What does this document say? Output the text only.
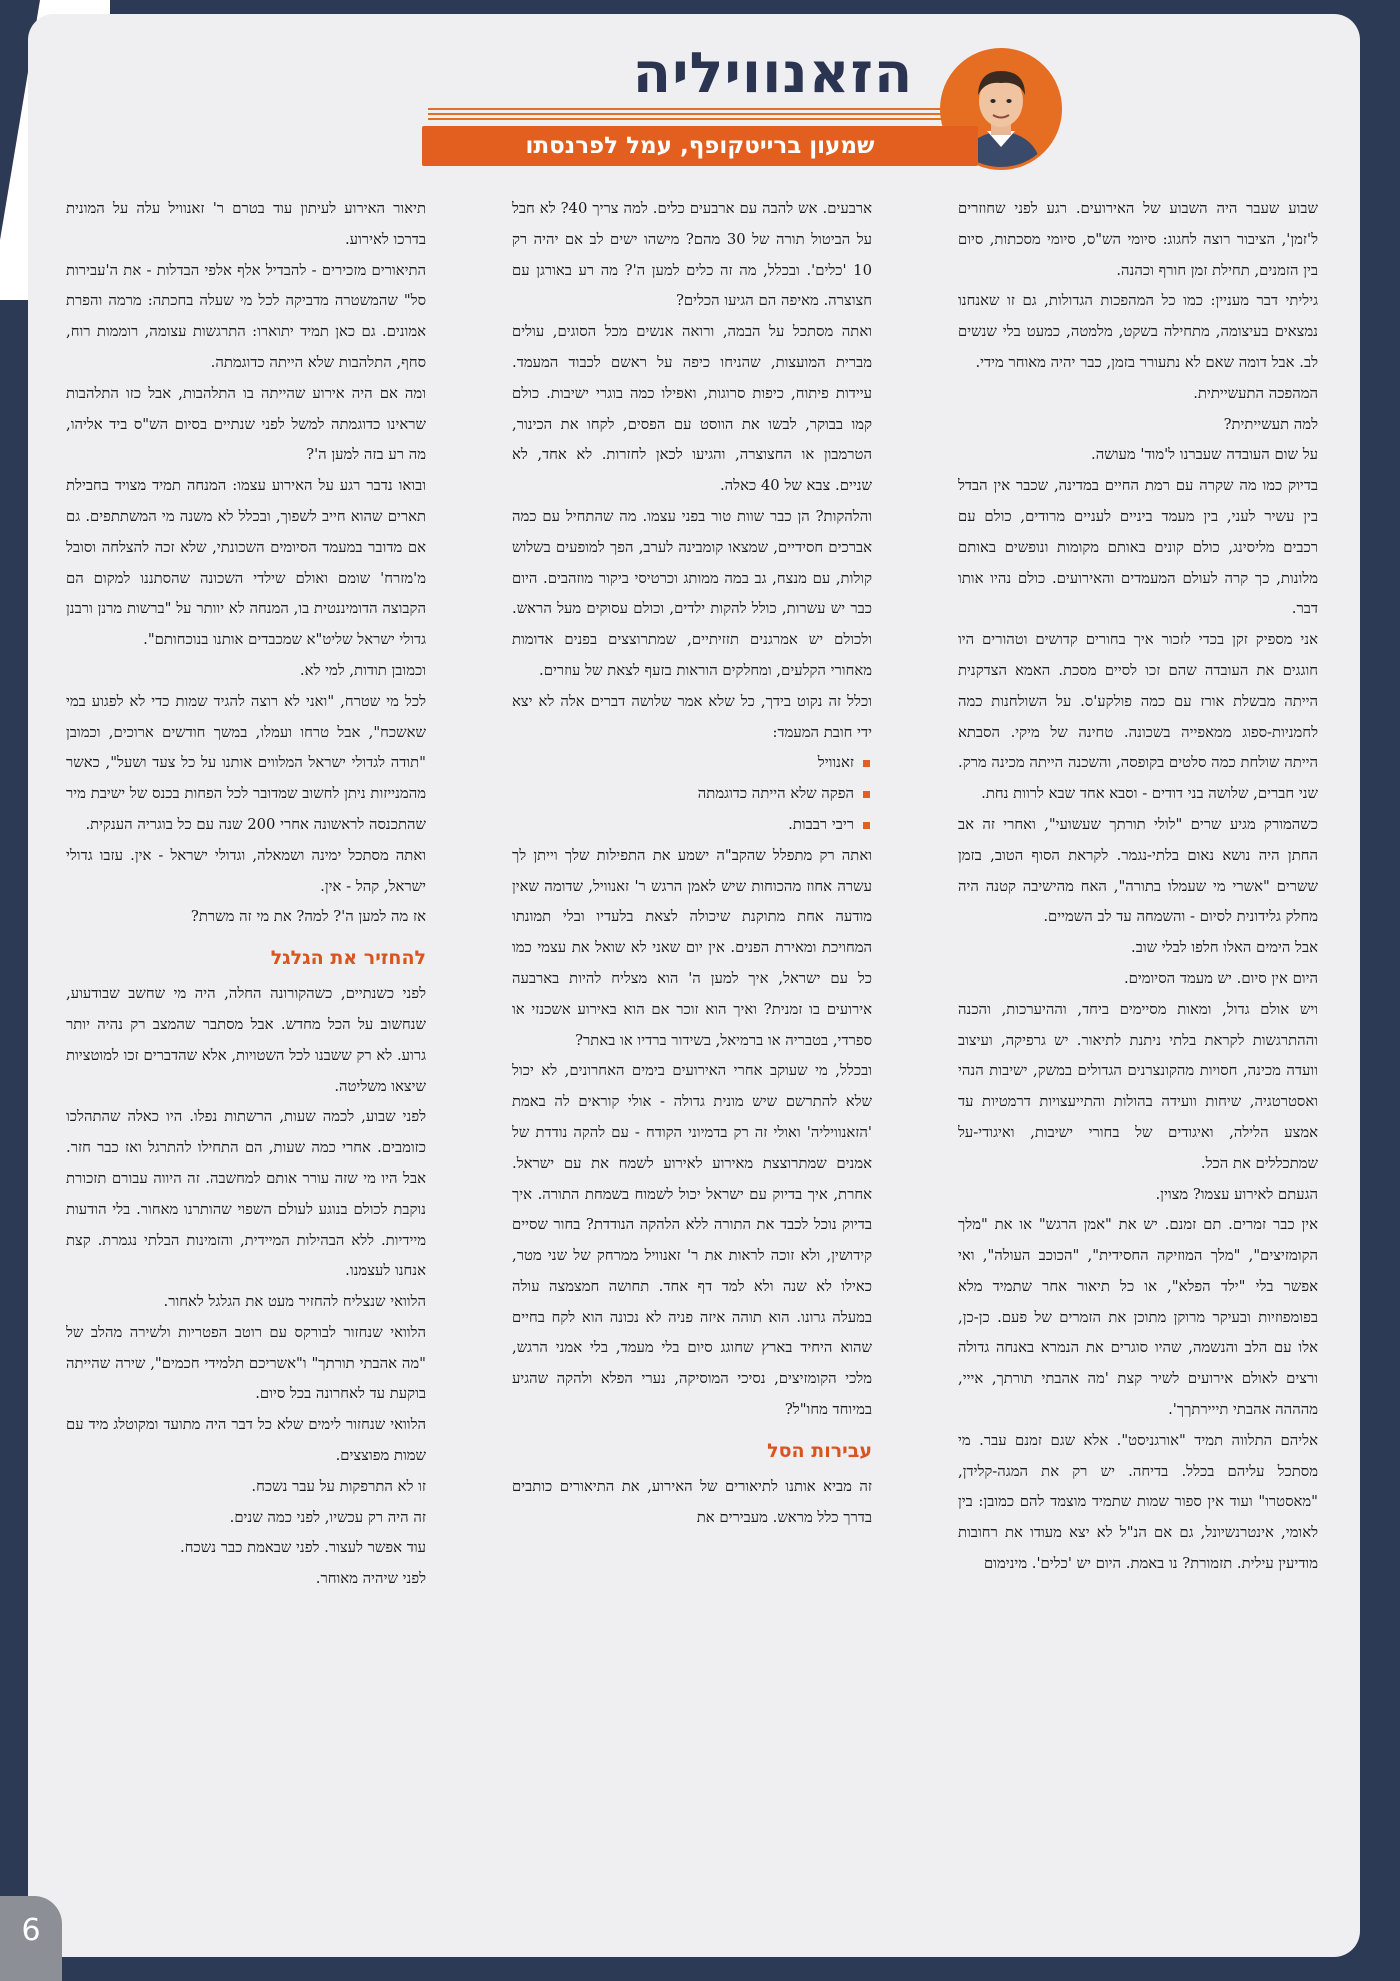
הזאנוויליה
שמעון ברייטקופף, עמל לפרנסתו

שבוע שעבר היה השבוע של האירועים. רגע לפני שחוזרים ל'זמן', הציבור רוצה לחגוג: סיומי הש"ס, סיומי מסכתות, סיום בין הזמנים, תחילת זמן חורף וכהנה.

גיליתי דבר מעניין: כמו כל המהפכות הגדולות, גם זו שאנחנו נמצאים בעיצומה, מתחילה בשקט, מלמטה, כמעט בלי שנשים לב. אבל דומה שאם לא נתעורר בזמן, כבר יהיה מאוחר מידי.

המהפכה התעשייתית.

למה תעשייתית?

על שום העובדה שעברנו ל'מוד' מעושה.

בדיוק כמו מה שקרה עם רמת החיים במדינה, שכבר אין הבדל בין עשיר לעני, בין מעמד ביניים לעניים מרודים, כולם עם רכבים מליסינג, כולם קונים באותם מקומות ונופשים באותם מלונות, כך קרה לעולם המעמדים והאירועים. כולם נהיו אותו דבר.

אני מספיק זקן בכדי לזכור איך בחורים קדושים וטהורים היו חוגגים את העובדה שהם זכו לסיים מסכת. האמא הצדקנית הייתה מבשלת אורז עם כמה פולקע'ס. על השולחנות כמה לחמניות-ספוג ממאפייה בשכונה. טחינה של מיקי. הסבתא הייתה שולחת כמה סלטים בקופסה, והשכנה הייתה מכינה מרק. שני חברים, שלושה בני דודים - וסבא אחד שבא לרוות נחת.

כשהמורק מגיע שרים "לולי תורתך שעשועי", ואחרי זה אב החתן היה נושא נאום בלתי-נגמר. לקראת הסוף הטוב, בזמן ששרים "אשרי מי שעמלו בתורה", האח מהישיבה קטנה היה מחלק גלידונית לסיום - והשמחה עד לב השמיים.

אבל הימים האלו חלפו לבלי שוב.

היום אין סיום. יש מעמד הסיומים.

ויש אולם גדול, ומאות מסיימים ביחד, וההיערכות, והכנה וההתרגשות לקראת בלתי ניתנת לתיאור. יש גרפיקה, ועיצוב וועדה מכינה, חסויות מהקונצרנים הגדולים במשק, ישיבות הנהי ואסטרטגיה, שיחות וועידה בהולות והתייעצויות דרמטיות עד אמצע הלילה, ואיגודים של בחורי ישיבות, ואיגודי-על שמתכללים את הכל.

הגעתם לאירוע עצמו? מצוין.

אין כבר זמרים. תם זמנם. יש את "אמן הרגש" או את "מלך הקומזיצים", "מלך המוזיקה החסידית", "הכוכב העולה", ואי אפשר בלי "ילד הפלא", או כל תיאור אחר שתמיד מלא בפומפוזיות ובעיקר מרוקן מתוכן את הזמרים של פעם. כן-כן, אלו עם הלב והנשמה, שהיו סוגרים את הנמרא באנחה גדולה ורצים לאולם אירועים לשיר קצת 'מה אהבתי תורתך, אייי, מהההה אהבתי תייירתךך'.

אליהם התלווה תמיד "אורגניסט". אלא שגם זמנם עבר. מי מסתכל עליהם בכלל. בדיחה. יש רק את המגה-קלידן, "מאסטרו" ועוד אין ספור שמות שתמיד מוצמד להם כמובן: בין לאומי, אינטרנשיונל, גם אם הנ"ל לא יצא מעודו את רחובות מודיעין עילית. תזמורת? נו באמת. היום יש 'כלים'. מינימום

ארבעים. אש להבה עם ארבעים כלים. למה צריך 40? לא חבל על הביטול תורה של 30 מהם? מישהו ישים לב אם יהיה רק 10 'כלים'. ובכלל, מה זה כלים למען ה'? מה רע באורגן עם חצוצרה. מאיפה הם הגיעו הכלים?

ואתה מסתכל על הבמה, ורואה אנשים מכל הסוגים, עולים מברית המועצות, שהניחו כיפה על ראשם לכבוד המעמד. עיידות פיתוח, כיפות סרוגות, ואפילו כמה בוגרי ישיבות. כולם קמו בבוקר, לבשו את הווסט עם הפסים, לקחו את הכינור, הטרמבון או החצוצרה, והגיעו לכאן לחזרות. לא אחד, לא שניים. צבא של 40 כאלה.

והלהקות? הן כבר שוות טור בפני עצמו. מה שהתחיל עם כמה אברכים חסידיים, שמצאו קומבינה לערב, הפך למופעים בשלוש קולות, עם מנצח, גב במה ממותג וכרטיסי ביקור מוזהבים. היום כבר יש עשרות, כולל להקות ילדים, וכולם עסוקים מעל הראש. ולכולם יש אמרגנים תזזיתיים, שמתרוצצים בפנים אדומות מאחורי הקלעים, ומחלקים הוראות בזעף לצאת של עוזרים.

וכלל זה נקוט בידך, כל שלא אמר שלושה דברים אלה לא יצא ידי חובת המעמד:

זאנוויל
הפקה שלא הייתה כדוגמתה
ריבי רבבות.

ואתה רק מתפלל שהקב"ה ישמע את התפילות שלך וייתן לך עשרה אחוז מהכוחות שיש לאמן הרגש ר' זאנוויל, שדומה שאין מודעה אחת מתוקנת שיכולה לצאת בלעדיו ובלי תמונתו המחויכת ומאירת הפנים. אין יום שאני לא שואל את עצמי כמו כל עם ישראל, איך למען ה' הוא מצליח להיות בארבעה אירועים בו זמנית? ואיך הוא זוכר אם הוא באירוע אשכנזי או ספרדי, בטבריה או ברמיאל, בשידור ברדיו או באתר?

ובכלל, מי שעוקב אחרי האירועים בימים האחרונים, לא יכול שלא להתרשם שיש מונית גדולה - אולי קוראים לה באמת 'הזאנוויליה' ואולי זה רק בדמיוני הקודח - עם להקה נודדת של אמנים שמתרוצצת מאירוע לאירוע לשמח את עם ישראל. אחרת, איך בדיוק עם ישראל יכול לשמוח בשמחת התורה. איך בדיוק נוכל לכבד את התורה ללא הלהקה הנודדת? בחור שסיים קידושין, ולא זוכה לראות את ר' זאנוויל ממרחק של שני מטר, כאילו לא שנה ולא למד דף אחד. תחושה חמצמצה עולה במעלה גרונו. הוא תוהה איזה פניה לא נכונה הוא לקח בחיים שהוא היחיד בארץ שחוגג סיום בלי מעמד, בלי אמני הרגש, מלכי הקומזיצים, נסיכי המוסיקה, נערי הפלא ולהקה שהגיע במיוחד מחו"ל?

עבירות הסל

זה מביא אותנו לתיאורים של האירוע, את התיאורים כותבים בדרך כלל מראש. מעבירים את

תיאור האירוע לעיתון עוד בטרם ר' זאנוויל עלה על המונית בדרכו לאירוע.

התיאורים מזכירים - להבדיל אלף אלפי הבדלות - את ה'עבירות סל" שהמשטרה מדביקה לכל מי שעלה בחכתה: מרמה והפרת אמונים. גם כאן תמיד יתוארו: התרגשות עצומה, רוממות רוח, סחף, התלהבות שלא הייתה כדוגמתה.

ומה אם היה אירוע שהייתה בו התלהבות, אבל כזו התלהבות שראינו כדוגמתה למשל לפני שנתיים בסיום הש"ס ביד אליהו, מה רע בזה למען ה'?

ובואו נדבר רגע על האירוע עצמו: המנחה תמיד מצויד בחבילת תארים שהוא חייב לשפוך, ובכלל לא משנה מי המשתתפים. גם אם מדובר במעמד הסיומים השכונתי, שלא זכה להצלחה וסובל מ'מזרח' שומם ואולם שילדי השכונה שהסתננו למקום הם הקבוצה הדומיננטית בו, המנחה לא יוותר על "ברשות מרנן ורבנן גדולי ישראל שליט"א שמכבדים אותנו בנוכחותם".

וכמובן תודות, למי לא.

לכל מי שטרח, "ואני לא רוצה להגיד שמות כדי לא לפגוע במי שאשכח", אבל טרחו ועמלו, במשך חודשים ארוכים, וכמובן "תודה לגדולי ישראל המלווים אותנו על כל צעד ושעל", כאשר מהמנייזות ניתן לחשוב שמדובר לכל הפחות בכנס של ישיבת מיר שהתכנסה לראשונה אחרי 200 שנה עם כל בוגריה הענקית.

ואתה מסתכל ימינה ושמאלה, וגדולי ישראל - אין. עזבו גדולי ישראל, קהל - אין.

אז מה למען ה'? למה? את מי זה משרת?

להחזיר את הגלגל

לפני כשנתיים, כשהקורונה החלה, היה מי שחשב שבודעוע, שנחשוב על הכל מחדש. אבל מסתבר שהמצב רק נהיה יותר גרוע. לא רק ששבנו לכל השטויות, אלא שהדברים זכו למוטציות שיצאו משליטה.

לפני שבוע, לכמה שעות, הרשתות נפלו. היו כאלה שהתהלכו כזומבים. אחרי כמה שעות, הם התחילו להתרגל ואז כבר חזר. אבל היו מי שזה עורר אותם למחשבה. זה היווה עבורם תזכורת נוקבת לכולם בנוגע לעולם השפוי שהותרנו מאחור. בלי הודעות מיידיות. ללא הבהילות המיידית, והזמינות הבלתי נגמרת. קצת אנחנו לעצמנו.

הלוואי שנצליח להחזיר מעט את הגלגל לאחור.

הלוואי שנחזור לבורקס עם רוטב הפטריות ולשירה מהלב של "מה אהבתי תורתך" ו"אשריכם תלמידי חכמים", שירה שהייתה בוקעת עד לאחרונה בכל סיום.

הלוואי שנחזור לימים שלא כל דבר היה מתועד ומקוטלג מיד עם שמות מפוצצים.

זו לא התרפקות על עבר נשכח.

זה היה רק עכשיו, לפני כמה שנים.

עוד אפשר לעצור. לפני שבאמת כבר נשכח.

לפני שיהיה מאוחר.

6
